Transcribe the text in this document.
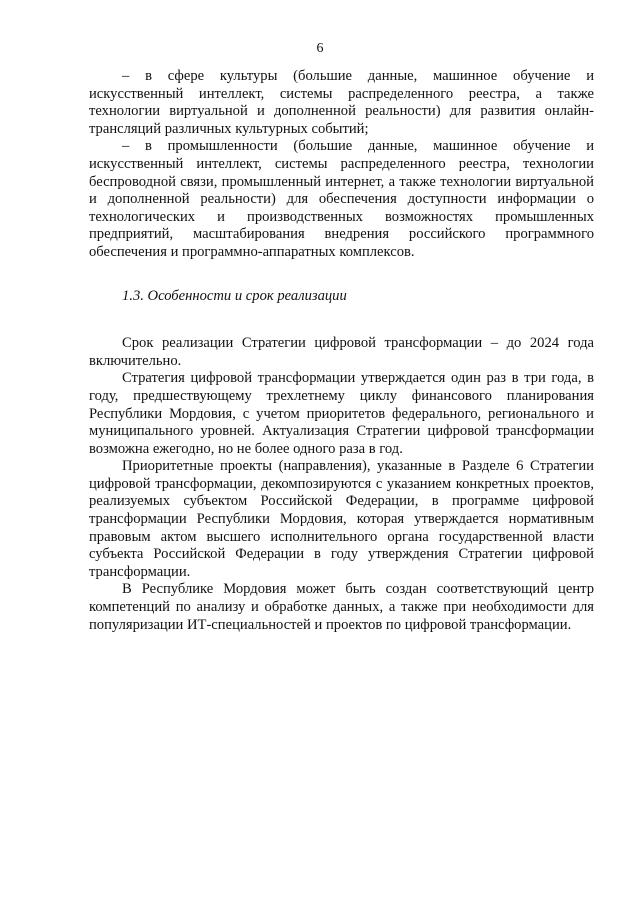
6

– в сфере культуры (большие данные, машинное обучение и искусственный интеллект, системы распределенного реестра, а также технологии виртуальной и дополненной реальности) для развития онлайн-трансляций различных культурных событий;

– в промышленности (большие данные, машинное обучение и искусственный интеллект, системы распределенного реестра, технологии беспроводной связи, промышленный интернет, а также технологии виртуальной и дополненной реальности) для обеспечения доступности информации о технологических и производственных возможностях промышленных предприятий, масштабирования внедрения российского программного обеспечения и программно-аппаратных комплексов.

1.3. Особенности и срок реализации

Срок реализации Стратегии цифровой трансформации – до 2024 года включительно.

Стратегия цифровой трансформации утверждается один раз в три года, в году, предшествующему трехлетнему циклу финансового планирования Республики Мордовия, с учетом приоритетов федерального, регионального и муниципального уровней. Актуализация Стратегии цифровой трансформации возможна ежегодно, но не более одного раза в год.

Приоритетные проекты (направления), указанные в Разделе 6 Стратегии цифровой трансформации, декомпозируются с указанием конкретных проектов, реализуемых субъектом Российской Федерации, в программе цифровой трансформации Республики Мордовия, которая утверждается нормативным правовым актом высшего исполнительного органа государственной власти субъекта Российской Федерации в году утверждения Стратегии цифровой трансформации.

В Республике Мордовия может быть создан соответствующий центр компетенций по анализу и обработке данных, а также при необходимости для популяризации ИТ-специальностей и проектов по цифровой трансформации.
